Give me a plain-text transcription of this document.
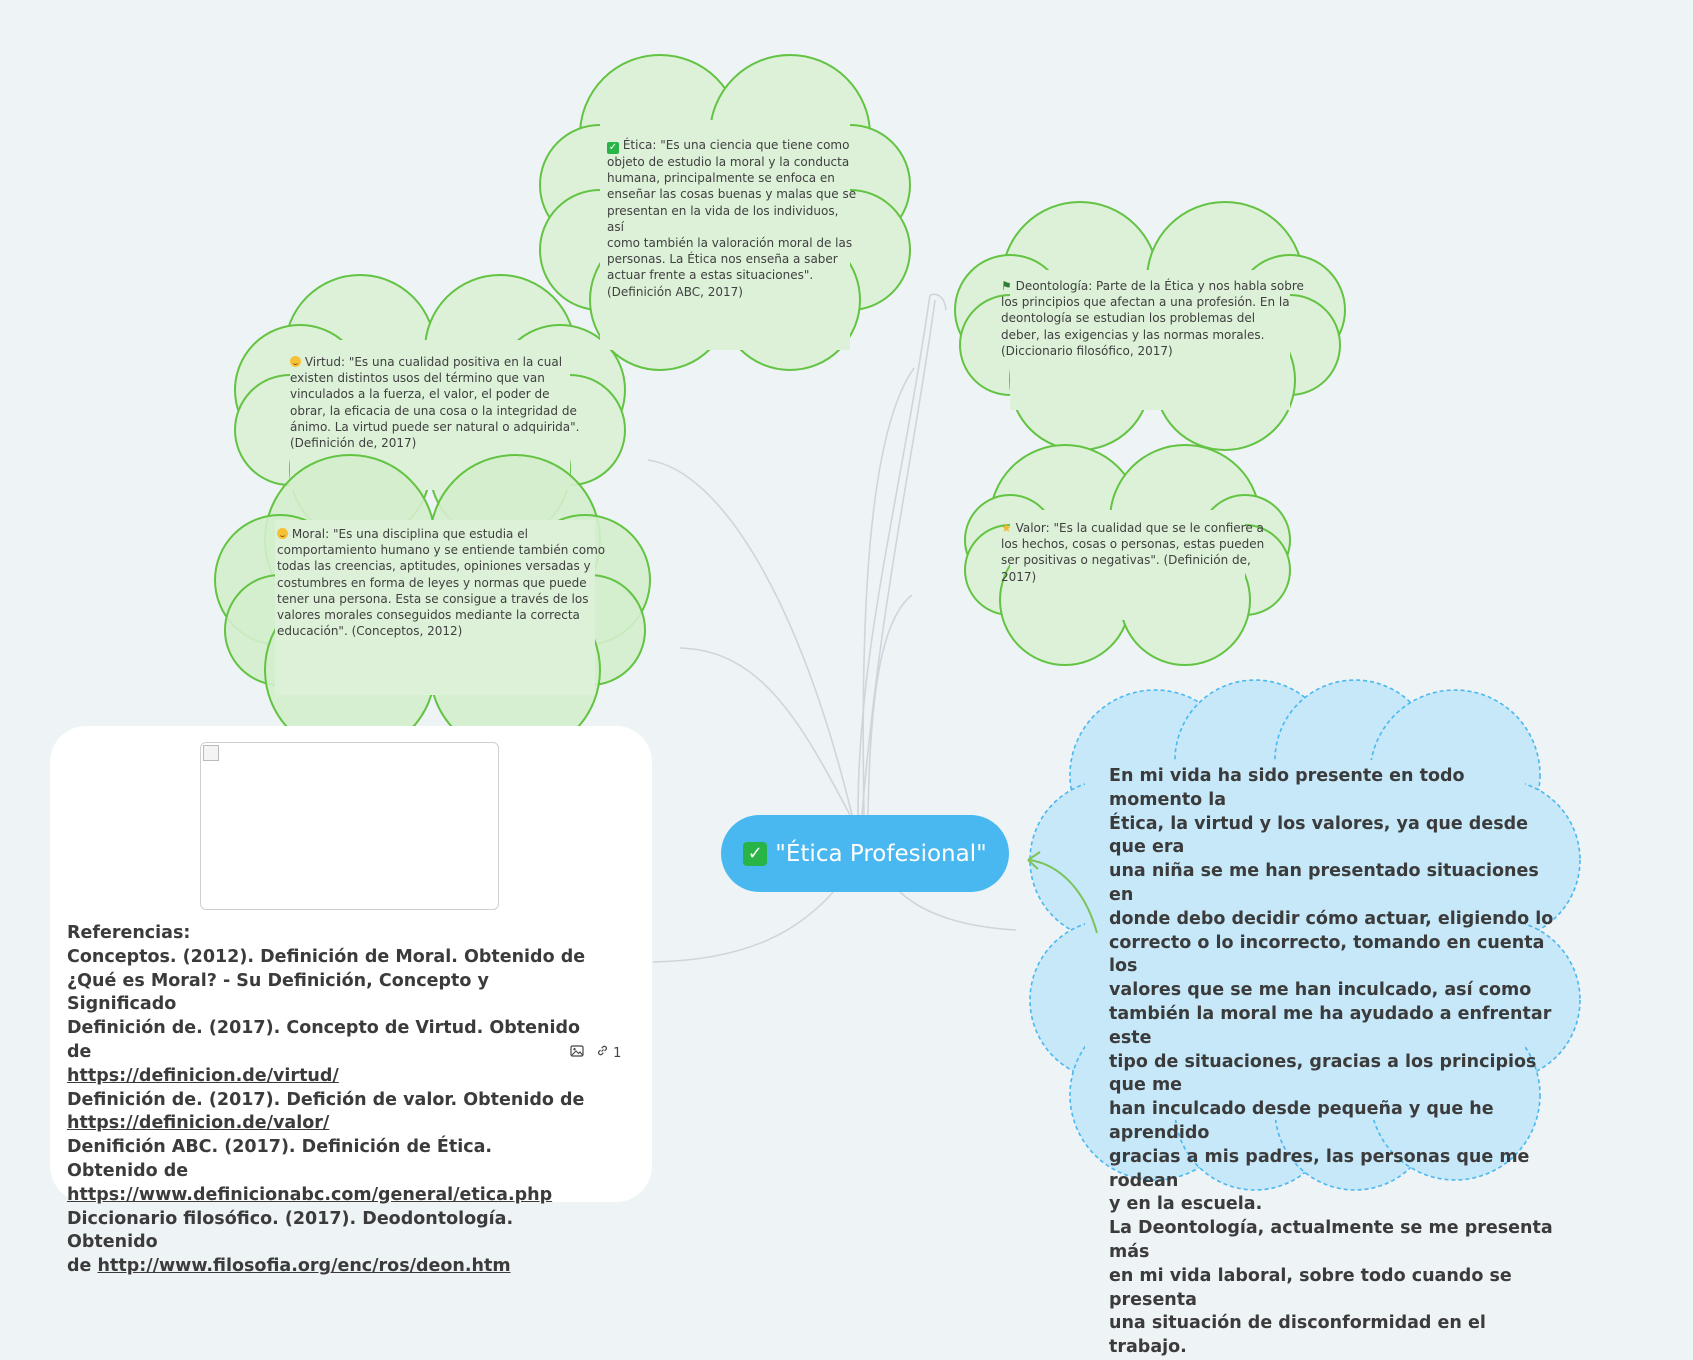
✓ Ética: "Es una ciencia que tiene como
objeto de estudio la moral y la conducta
humana, principalmente se enfoca en
enseñar las cosas buenas y malas que se
presentan en la vida de los individuos, así
como también la valoración moral de las
personas. La Ética nos enseña a saber
actuar frente a estas situaciones".
(Definición ABC, 2017)	⚑ Deontología: Parte de la Ética y nos habla sobre
los principios que afectan a una profesión. En la
deontología se estudian los problemas del
deber, las exigencias y las normas morales.
(Diccionario filosófico, 2017)
Virtud: "Es una cualidad positiva en la cual
existen distintos usos del término que van
vinculados a la fuerza, el valor, el poder de
obrar, la eficacia de una cosa o la integridad de
ánimo. La virtud puede ser natural o adquirida".
(Definición de, 2017)
Moral: "Es una disciplina que estudia el
comportamiento humano y se entiende también como
todas las creencias, aptitudes, opiniones versadas y
costumbres en forma de leyes y normas que puede
tener una persona. Esta se consigue a través de los
valores morales conseguidos mediante la correcta
educación". (Conceptos, 2012)
★ Valor: "Es la cualidad que se le confiere a
los hechos, cosas o personas, estas pueden
ser positivas o negativas". (Definición de,
2017)
✓ "Ética Profesional"
Referencias:
Conceptos. (2012). Definición de Moral. Obtenido de
¿Qué es Moral? - Su Definición, Concepto y Significado
Definición de. (2017). Concepto de Virtud. Obtenido de
https://definicion.de/virtud/
Definición de. (2017). Defición de valor. Obtenido de
https://definicion.de/valor/
Denifición ABC. (2017). Definición de Ética. Obtenido de
https://www.definicionabc.com/general/etica.php
Diccionario filosófico. (2017). Deodontología. Obtenido
de http://www.filosofia.org/enc/ros/deon.htm
1
En mi vida ha sido presente en todo momento la
Ética, la virtud y los valores, ya que desde que era
una niña se me han presentado situaciones en
donde debo decidir cómo actuar, eligiendo lo
correcto o lo incorrecto, tomando en cuenta los
valores que se me han inculcado, así como
también la moral me ha ayudado a enfrentar este
tipo de situaciones, gracias a los principios que me
han inculcado desde pequeña y que he aprendido
gracias a mis padres, las personas que me rodean
y en la escuela.
La Deontología, actualmente se me presenta más
en mi vida laboral, sobre todo cuando se presenta
una situación de disconformidad en el trabajo.
